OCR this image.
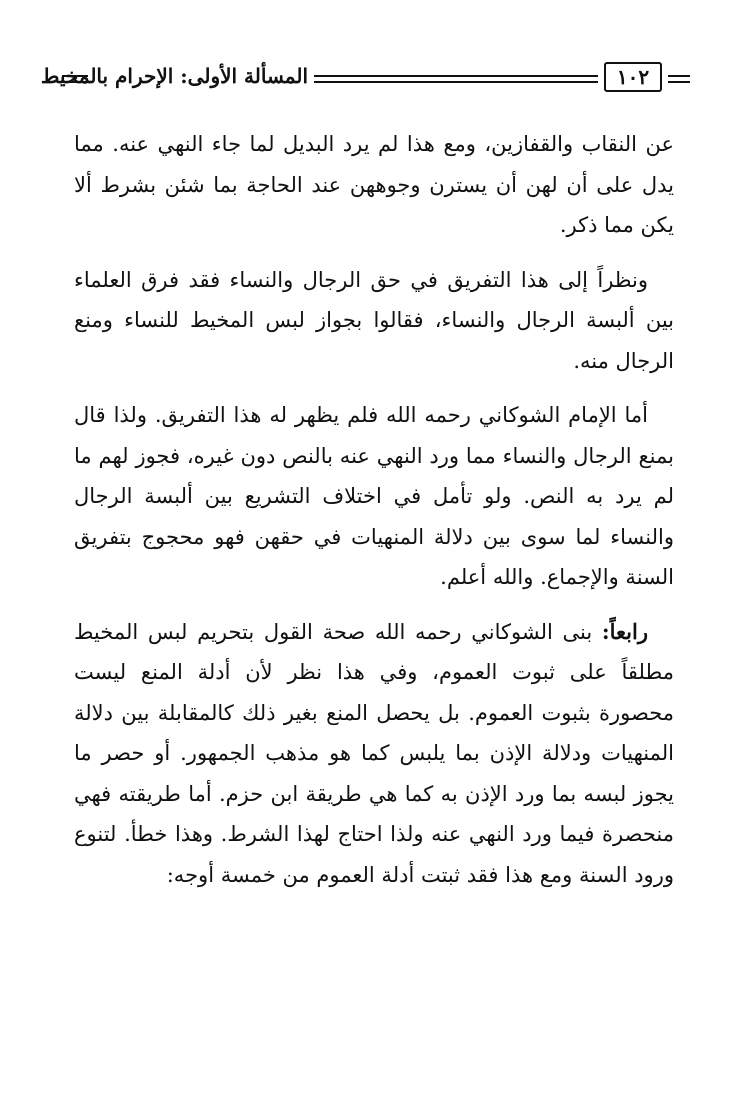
المسألة الأولى: الإحرام بالمخيط	١٠٢

عن النقاب والقفازين، ومع هذا لم يرد البديل لما جاء النهي عنه. مما يدل على أن لهن أن يسترن وجوههن عند الحاجة بما شئن بشرط ألا يكن مما ذكر.

ونظراً إلى هذا التفريق في حق الرجال والنساء فقد فرق العلماء بين ألبسة الرجال والنساء، فقالوا بجواز لبس المخيط للنساء ومنع الرجال منه.

أما الإمام الشوكاني رحمه الله فلم يظهر له هذا التفريق. ولذا قال بمنع الرجال والنساء مما ورد النهي عنه بالنص دون غيره، فجوز لهم ما لم يرد به النص. ولو تأمل في اختلاف التشريع بين ألبسة الرجال والنساء لما سوى بين دلالة المنهيات في حقهن فهو محجوج بتفريق السنة والإجماع. والله أعلم.

رابعاً: بنى الشوكاني رحمه الله صحة القول بتحريم لبس المخيط مطلقاً على ثبوت العموم، وفي هذا نظر لأن أدلة المنع ليست محصورة بثبوت العموم. بل يحصل المنع بغير ذلك كالمقابلة بين دلالة المنهيات ودلالة الإذن بما يلبس كما هو مذهب الجمهور. أو حصر ما يجوز لبسه بما ورد الإذن به كما هي طريقة ابن حزم. أما طريقته فهي منحصرة فيما ورد النهي عنه ولذا احتاج لهذا الشرط. وهذا خطأ. لتنوع ورود السنة ومع هذا فقد ثبتت أدلة العموم من خمسة أوجه:
